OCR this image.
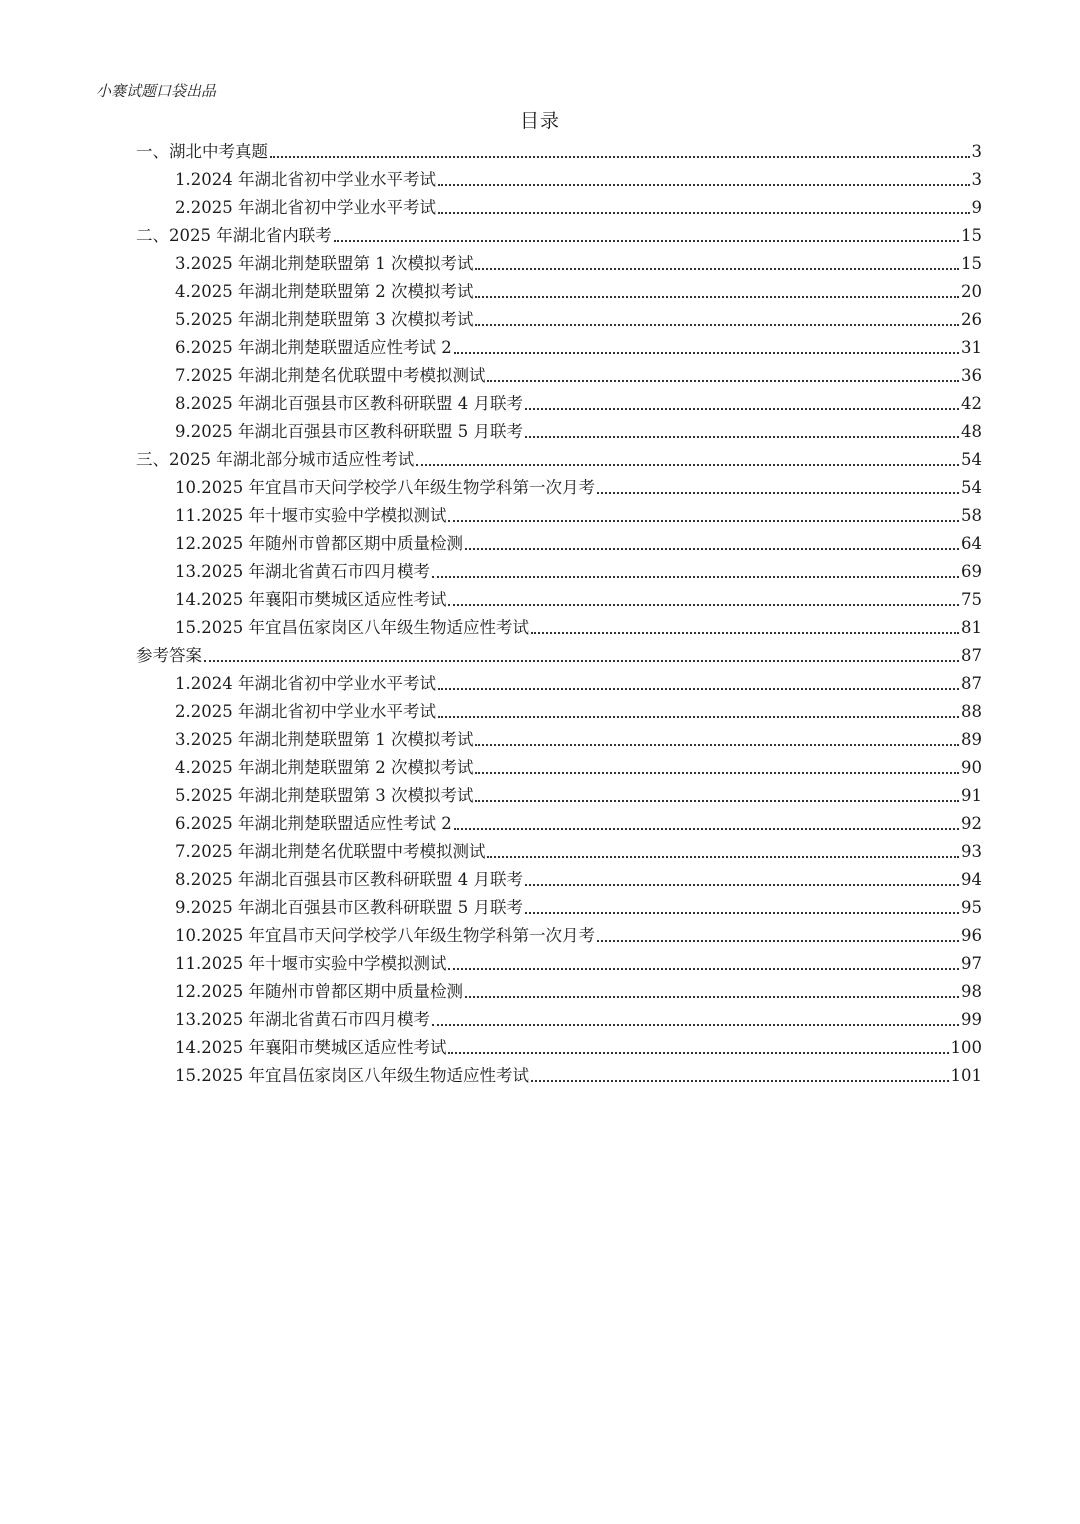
小褰试题口袋出品
目录
一、湖北中考真题	3
1.2024 年湖北省初中学业水平考试	3
2.2025 年湖北省初中学业水平考试	9
二、2025 年湖北省内联考	15
3.2025 年湖北荆楚联盟第 1 次模拟考试	15
4.2025 年湖北荆楚联盟第 2 次模拟考试	20
5.2025 年湖北荆楚联盟第 3 次模拟考试	26
6.2025 年湖北荆楚联盟适应性考试 2	31
7.2025 年湖北荆楚名优联盟中考模拟测试	36
8.2025 年湖北百强县市区教科研联盟 4 月联考	42
9.2025 年湖北百强县市区教科研联盟 5 月联考	48
三、2025 年湖北部分城市适应性考试	54
10.2025 年宜昌市天问学校学八年级生物学科第一次月考	54
11.2025 年十堰市实验中学模拟测试	58
12.2025 年随州市曾都区期中质量检测	64
13.2025 年湖北省黄石市四月模考	69
14.2025 年襄阳市樊城区适应性考试	75
15.2025 年宜昌伍家岗区八年级生物适应性考试	81
参考答案	87
1.2024 年湖北省初中学业水平考试	87
2.2025 年湖北省初中学业水平考试	88
3.2025 年湖北荆楚联盟第 1 次模拟考试	89
4.2025 年湖北荆楚联盟第 2 次模拟考试	90
5.2025 年湖北荆楚联盟第 3 次模拟考试	91
6.2025 年湖北荆楚联盟适应性考试 2	92
7.2025 年湖北荆楚名优联盟中考模拟测试	93
8.2025 年湖北百强县市区教科研联盟 4 月联考	94
9.2025 年湖北百强县市区教科研联盟 5 月联考	95
10.2025 年宜昌市天问学校学八年级生物学科第一次月考	96
11.2025 年十堰市实验中学模拟测试	97
12.2025 年随州市曾都区期中质量检测	98
13.2025 年湖北省黄石市四月模考	99
14.2025 年襄阳市樊城区适应性考试	100
15.2025 年宜昌伍家岗区八年级生物适应性考试	101
